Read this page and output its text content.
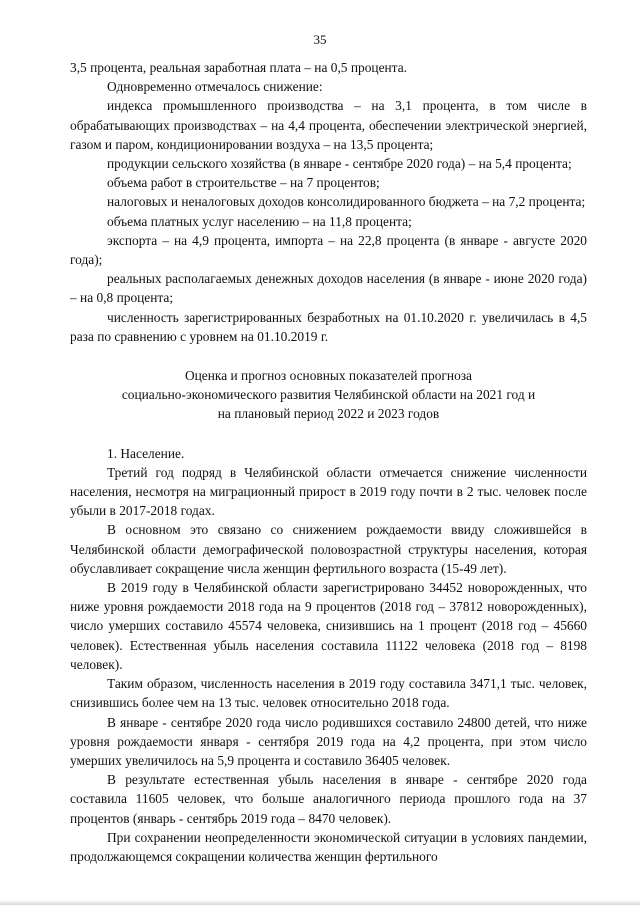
35

3,5 процента, реальная заработная плата – на 0,5 процента.

Одновременно отмечалось снижение:

индекса промышленного производства – на 3,1 процента, в том числе в обрабатывающих производствах – на 4,4 процента, обеспечении электрической энергией, газом и паром, кондиционировании воздуха – на 13,5 процента;

продукции сельского хозяйства (в январе - сентябре 2020 года) – на 5,4 процента;

объема работ в строительстве – на 7 процентов;

налоговых и неналоговых доходов консолидированного бюджета – на 7,2 процента;

объема платных услуг населению – на 11,8 процента;

экспорта – на 4,9 процента, импорта – на 22,8 процента (в январе - августе 2020 года);

реальных располагаемых денежных доходов населения (в январе - июне 2020 года) – на 0,8 процента;

численность зарегистрированных безработных на 01.10.2020 г. увеличилась в 4,5 раза по сравнению с уровнем на 01.10.2019 г.

Оценка и прогноз основных показателей прогноза
социально-экономического развития Челябинской области на 2021 год и
на плановый период 2022 и 2023 годов

1. Население.

Третий год подряд в Челябинской области отмечается снижение численности населения, несмотря на миграционный прирост в 2019 году почти в 2 тыс. человек после убыли в 2017-2018 годах.

В основном это связано со снижением рождаемости ввиду сложившейся в Челябинской области демографической половозрастной структуры населения, которая обуславливает сокращение числа женщин фертильного возраста (15-49 лет).

В 2019 году в Челябинской области зарегистрировано 34452 новорожденных, что ниже уровня рождаемости 2018 года на 9 процентов (2018 год – 37812 новорожденных), число умерших составило 45574 человека, снизившись на 1 процент (2018 год – 45660 человек). Естественная убыль населения составила 11122 человека (2018 год – 8198 человек).

Таким образом, численность населения в 2019 году составила 3471,1 тыс. человек, снизившись более чем на 13 тыс. человек относительно 2018 года.

В январе - сентябре 2020 года число родившихся составило 24800 детей, что ниже уровня рождаемости января - сентября 2019 года на 4,2 процента, при этом число умерших увеличилось на 5,9 процента и составило 36405 человек.

В результате естественная убыль населения в январе - сентябре 2020 года составила 11605 человек, что больше аналогичного периода прошлого года на 37 процентов (январь - сентябрь 2019 года – 8470 человек).

При сохранении неопределенности экономической ситуации в условиях пандемии, продолжающемся сокращении количества женщин фертильного
